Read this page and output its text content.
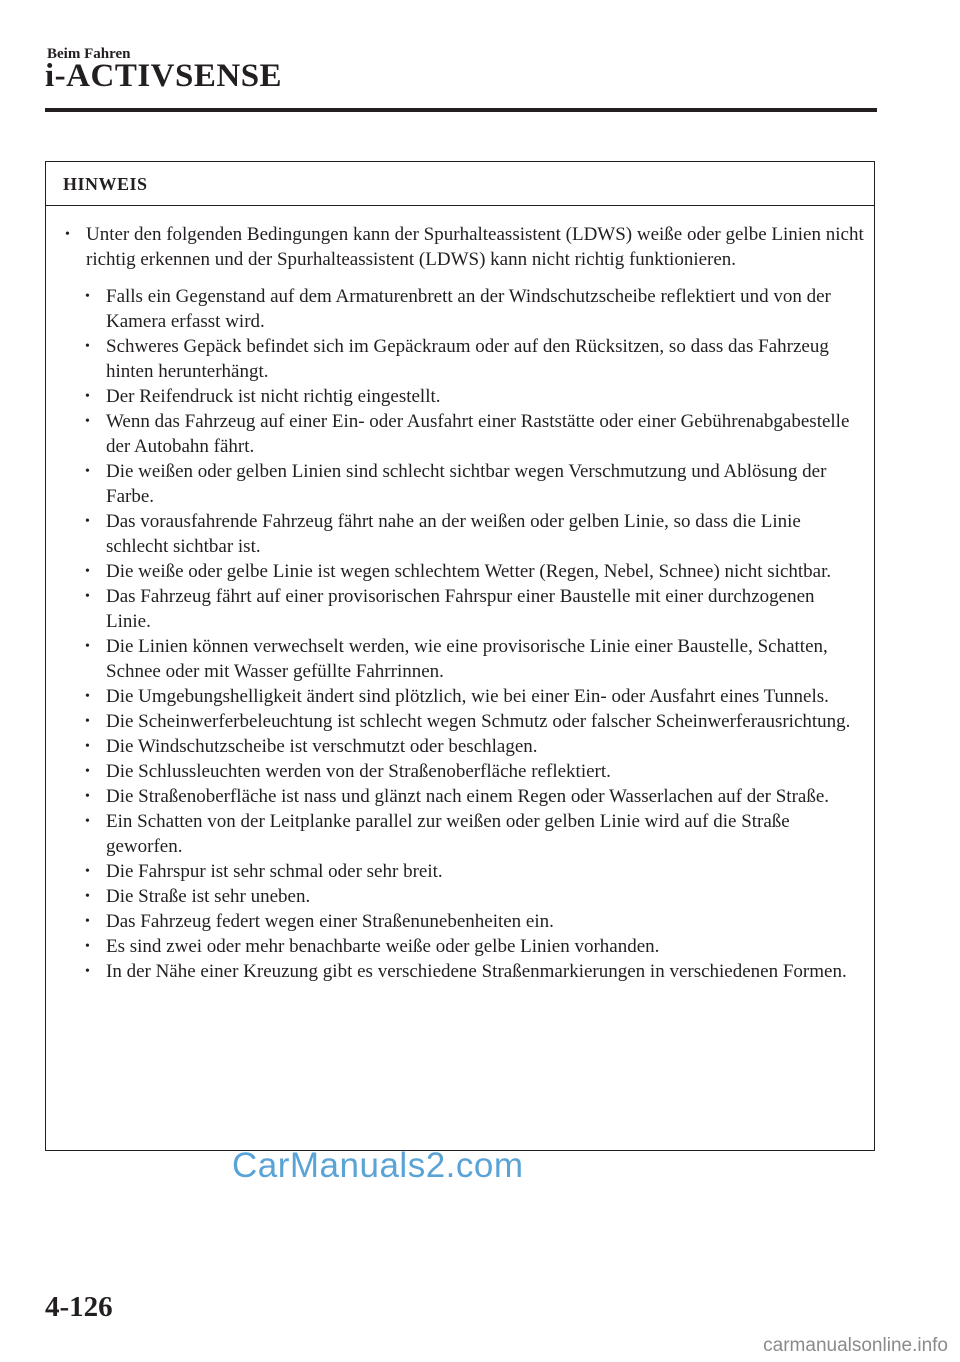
Beim Fahren
i-ACTIVSENSE
HINWEIS
• Unter den folgenden Bedingungen kann der Spurhalteassistent (LDWS) weiße oder gelbe Linien nicht richtig erkennen und der Spurhalteassistent (LDWS) kann nicht richtig funktionieren.
• Falls ein Gegenstand auf dem Armaturenbrett an der Windschutzscheibe reflektiert und von der Kamera erfasst wird.
• Schweres Gepäck befindet sich im Gepäckraum oder auf den Rücksitzen, so dass das Fahrzeug hinten herunterhängt.
• Der Reifendruck ist nicht richtig eingestellt.
• Wenn das Fahrzeug auf einer Ein- oder Ausfahrt einer Raststätte oder einer Gebührenabgabestelle der Autobahn fährt.
• Die weißen oder gelben Linien sind schlecht sichtbar wegen Verschmutzung und Ablösung der Farbe.
• Das vorausfahrende Fahrzeug fährt nahe an der weißen oder gelben Linie, so dass die Linie schlecht sichtbar ist.
• Die weiße oder gelbe Linie ist wegen schlechtem Wetter (Regen, Nebel, Schnee) nicht sichtbar.
• Das Fahrzeug fährt auf einer provisorischen Fahrspur einer Baustelle mit einer durchzogenen Linie.
• Die Linien können verwechselt werden, wie eine provisorische Linie einer Baustelle, Schatten, Schnee oder mit Wasser gefüllte Fahrrinnen.
• Die Umgebungshelligkeit ändert sind plötzlich, wie bei einer Ein- oder Ausfahrt eines Tunnels.
• Die Scheinwerferbeleuchtung ist schlecht wegen Schmutz oder falscher Scheinwerferausrichtung.
• Die Windschutzscheibe ist verschmutzt oder beschlagen.
• Die Schlussleuchten werden von der Straßenoberfläche reflektiert.
• Die Straßenoberfläche ist nass und glänzt nach einem Regen oder Wasserlachen auf der Straße.
• Ein Schatten von der Leitplanke parallel zur weißen oder gelben Linie wird auf die Straße geworfen.
• Die Fahrspur ist sehr schmal oder sehr breit.
• Die Straße ist sehr uneben.
• Das Fahrzeug federt wegen einer Straßenunebenheiten ein.
• Es sind zwei oder mehr benachbarte weiße oder gelbe Linien vorhanden.
• In der Nähe einer Kreuzung gibt es verschiedene Straßenmarkierungen in verschiedenen Formen.
CarManuals2.com
4-126
carmanualsonline.info
